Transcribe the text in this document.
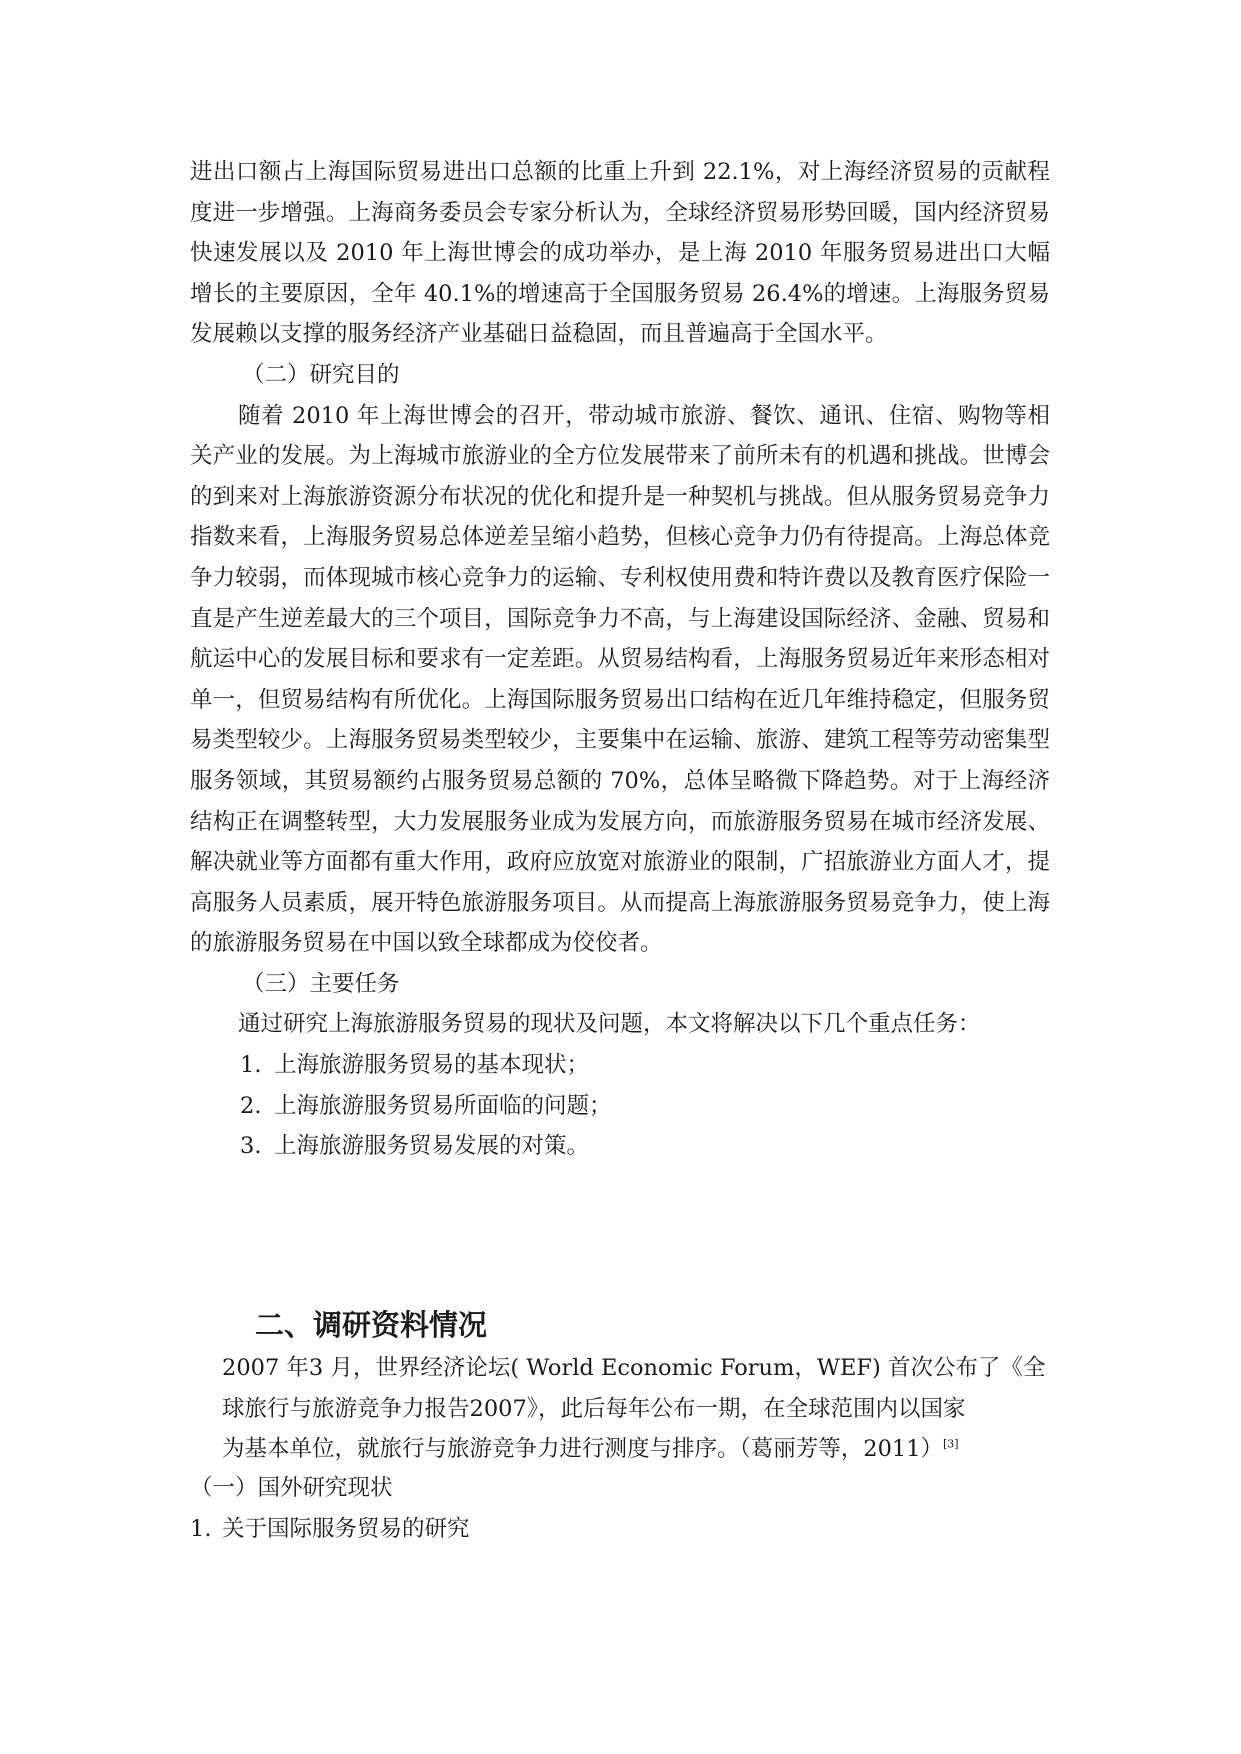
进出口额占上海国际贸易进出口总额的比重上升到 22.1%，对上海经济贸易的贡献程度进一步增强。上海商务委员会专家分析认为，全球经济贸易形势回暖，国内经济贸易快速发展以及 2010 年上海世博会的成功举办，是上海 2010 年服务贸易进出口大幅增长的主要原因，全年 40.1%的增速高于全国服务贸易 26.4%的增速。上海服务贸易发展赖以支撑的服务经济产业基础日益稳固，而且普遍高于全国水平。

（二）研究目的

随着 2010 年上海世博会的召开，带动城市旅游、餐饮、通讯、住宿、购物等相关产业的发展。为上海城市旅游业的全方位发展带来了前所未有的机遇和挑战。世博会的到来对上海旅游资源分布状况的优化和提升是一种契机与挑战。但从服务贸易竞争力指数来看，上海服务贸易总体逆差呈缩小趋势，但核心竞争力仍有待提高。上海总体竞争力较弱，而体现城市核心竞争力的运输、专利权使用费和特许费以及教育医疗保险一直是产生逆差最大的三个项目，国际竞争力不高，与上海建设国际经济、金融、贸易和航运中心的发展目标和要求有一定差距。从贸易结构看，上海服务贸易近年来形态相对单一，但贸易结构有所优化。上海国际服务贸易出口结构在近几年维持稳定，但服务贸易类型较少。上海服务贸易类型较少，主要集中在运输、旅游、建筑工程等劳动密集型服务领域，其贸易额约占服务贸易总额的 70%，总体呈略微下降趋势。对于上海经济结构正在调整转型，大力发展服务业成为发展方向，而旅游服务贸易在城市经济发展、解决就业等方面都有重大作用，政府应放宽对旅游业的限制，广招旅游业方面人才，提高服务人员素质，展开特色旅游服务项目。从而提高上海旅游服务贸易竞争力，使上海的旅游服务贸易在中国以致全球都成为佼佼者。

（三）主要任务

通过研究上海旅游服务贸易的现状及问题，本文将解决以下几个重点任务：

1. 上海旅游服务贸易的基本现状；

2. 上海旅游服务贸易所面临的问题；

3. 上海旅游服务贸易发展的对策。

二、调研资料情况

2007 年3 月，世界经济论坛( World Economic Forum，WEF) 首次公布了《全

球旅行与旅游竞争力报告2007》，此后每年公布一期，在全球范围内以国家

为基本单位，就旅行与旅游竞争力进行测度与排序。（葛丽芳等，2011）[3]

（一）国外研究现状

1. 关于国际服务贸易的研究
